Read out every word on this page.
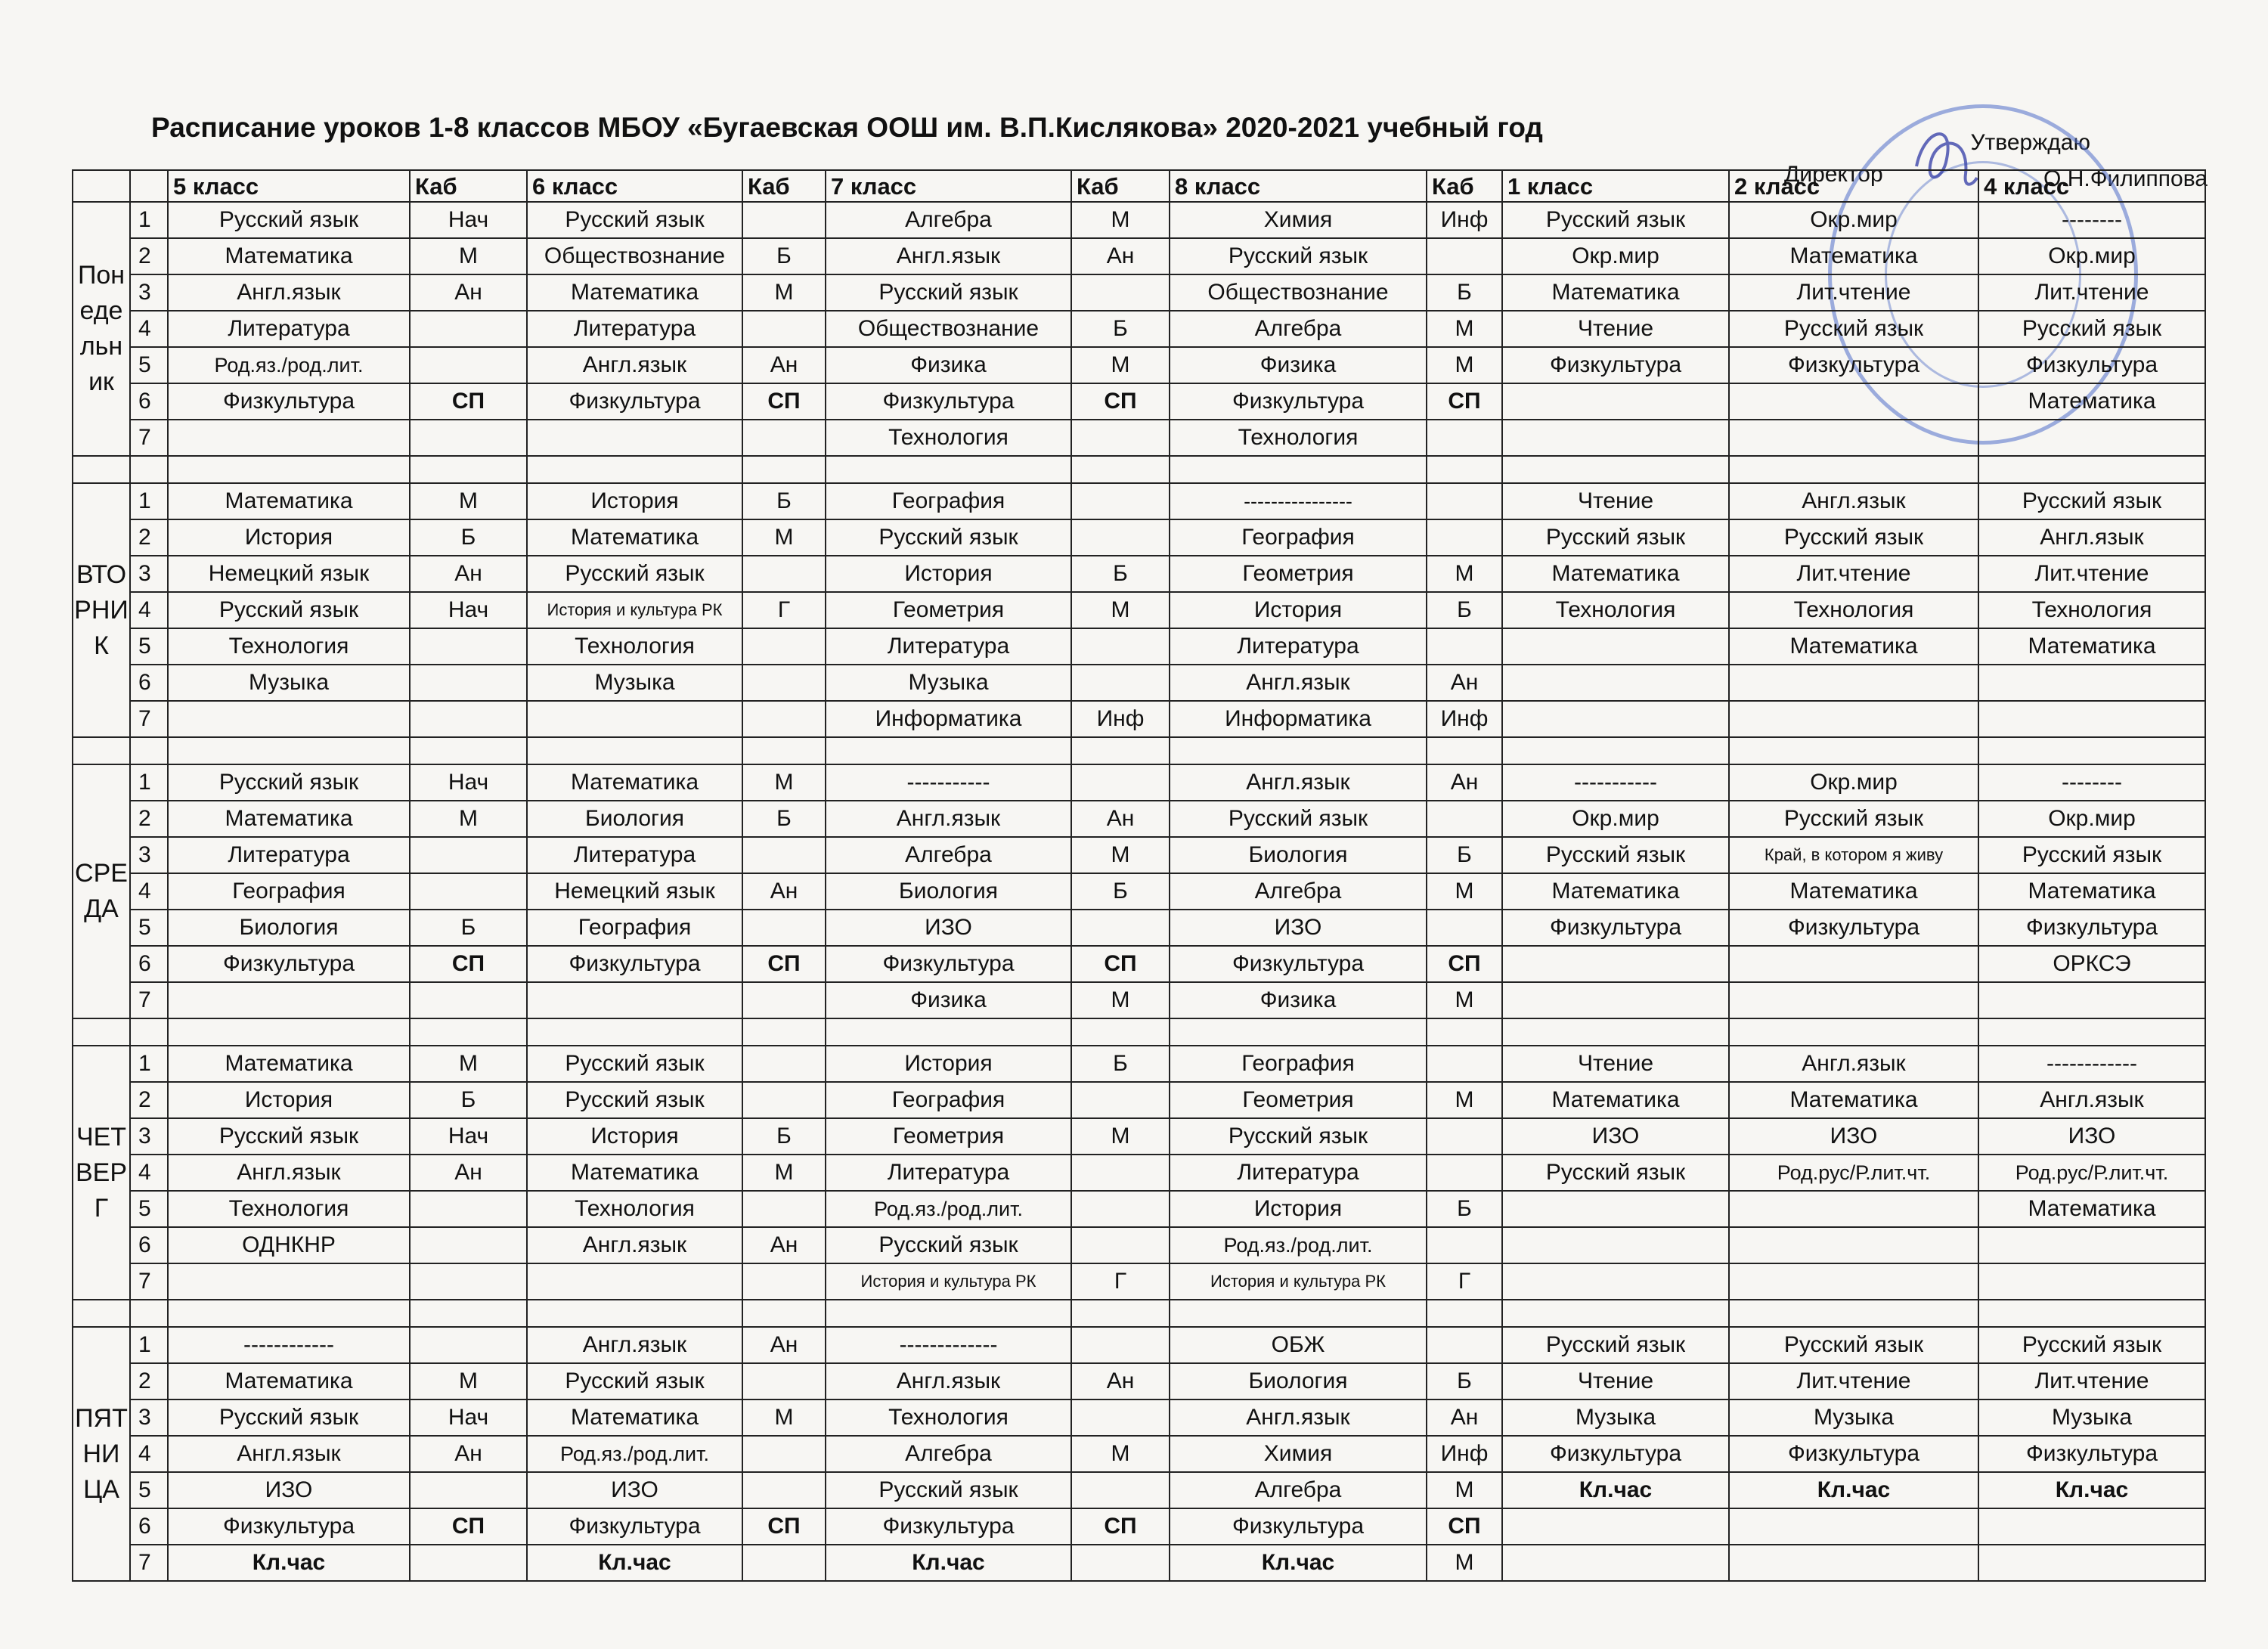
Расписание уроков 1-8 классов МБОУ «Бугаевская ООШ им. В.П.Кислякова» 2020-2021 учебный год	Утверждаю
Директор	О.Н.Филиппова
		5 класс	Каб	6 класс	Каб	7 класс	Каб	8 класс	Каб	1 класс	2 класс	4 класс
Понедельник	1	Русский язык	Нач	Русский язык		Алгебра	М	Химия	Инф	Русский язык	Окр.мир	--------
	2	Математика	М	Обществознание	Б	Англ.язык	Ан	Русский язык		Окр.мир	Математика	Окр.мир
	3	Англ.язык	Ан	Математика	М	Русский язык		Обществознание	Б	Математика	Лит.чтение	Лит.чтение
	4	Литература		Литература		Обществознание	Б	Алгебра	М	Чтение	Русский язык	Русский язык
	5	Род.яз./род.лит.		Англ.язык	Ан	Физика	М	Физика	М	Физкультура	Физкультура	Физкультура
	6	Физкультура	СП	Физкультура	СП	Физкультура	СП	Физкультура	СП			Математика
	7					Технология		Технология				

ВТОРНИК	1	Математика	М	История	Б	География		----------------		Чтение	Англ.язык	Русский язык
	2	История	Б	Математика	М	Русский язык		География		Русский язык	Русский язык	Англ.язык
	3	Немецкий язык	Ан	Русский язык		История	Б	Геометрия	М	Математика	Лит.чтение	Лит.чтение
	4	Русский язык	Нач	История и культура РК	Г	Геометрия	М	История	Б	Технология	Технология	Технология
	5	Технология		Технология		Литература		Литература			Математика	Математика
	6	Музыка		Музыка		Музыка		Англ.язык	Ан			
	7					Информатика	Инф	Информатика	Инф			

СРЕДА	1	Русский язык	Нач	Математика	М	-----------		Англ.язык	Ан	-----------	Окр.мир	--------
	2	Математика	М	Биология	Б	Англ.язык	Ан	Русский язык		Окр.мир	Русский язык	Окр.мир
	3	Литература		Литература		Алгебра	М	Биология	Б	Русский язык	Край, в котором я живу	Русский язык
	4	География		Немецкий язык	Ан	Биология	Б	Алгебра	М	Математика	Математика	Математика
	5	Биология	Б	География		ИЗО		ИЗО		Физкультура	Физкультура	Физкультура
	6	Физкультура	СП	Физкультура	СП	Физкультура	СП	Физкультура	СП			ОРКСЭ
	7					Физика	М	Физика	М			

ЧЕТВЕРГ	1	Математика	М	Русский язык		История	Б	География		Чтение	Англ.язык	------------
	2	История	Б	Русский язык		География		Геометрия	М	Математика	Математика	Англ.язык
	3	Русский язык	Нач	История	Б	Геометрия	М	Русский язык		ИЗО	ИЗО	ИЗО
	4	Англ.язык	Ан	Математика	М	Литература		Литература		Русский язык	Род.рус/Р.лит.чт.	Род.рус/Р.лит.чт.
	5	Технология		Технология		Род.яз./род.лит.		История	Б			Математика
	6	ОДНКНР		Англ.язык	Ан	Русский язык		Род.яз./род.лит.				
	7					История и культура РК	Г	История и культура РК	Г			

ПЯТНИЦА	1	------------		Англ.язык	Ан	-------------		ОБЖ		Русский язык	Русский язык	Русский язык
	2	Математика	М	Русский язык		Англ.язык	Ан	Биология	Б	Чтение	Лит.чтение	Лит.чтение
	3	Русский язык	Нач	Математика	М	Технология		Англ.язык	Ан	Музыка	Музыка	Музыка
	4	Англ.язык	Ан	Род.яз./род.лит.		Алгебра	М	Химия	Инф	Физкультура	Физкультура	Физкультура
	5	ИЗО		ИЗО		Русский язык		Алгебра	М	Кл.час	Кл.час	Кл.час
	6	Физкультура	СП	Физкультура	СП	Физкультура	СП	Физкультура	СП			
	7	Кл.час		Кл.час		Кл.час		Кл.час	М			
